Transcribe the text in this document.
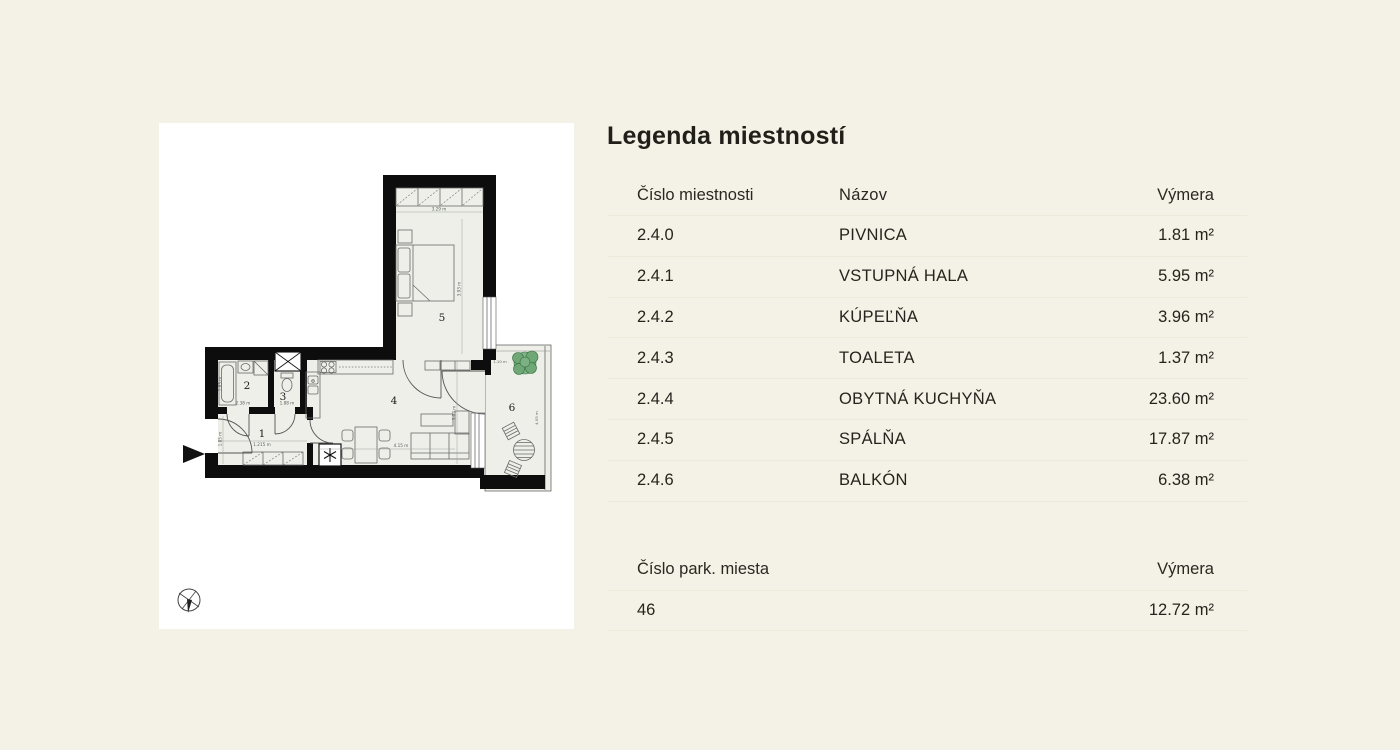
3.29 m
3.93 m
4.15 m
3.03 m
1.215 m
1.85 m
2.38 m
1.83 m
1.88 m
1.10 m
4.05 m
1
2
3	4
5
6
Legenda miestností
Číslo miestnosti	Názov	Výmera
2.4.0	PIVNICA	1.81 m²
2.4.1	VSTUPNÁ HALA	5.95 m²
2.4.2	KÚPEĽŇA	3.96 m²
2.4.3	TOALETA	1.37 m²
2.4.4	OBYTNÁ KUCHYŇA	23.60 m²
2.4.5	SPÁLŇA	17.87 m²
2.4.6	BALKÓN	6.38 m²
Číslo park. miesta	Výmera
46	12.72 m²
